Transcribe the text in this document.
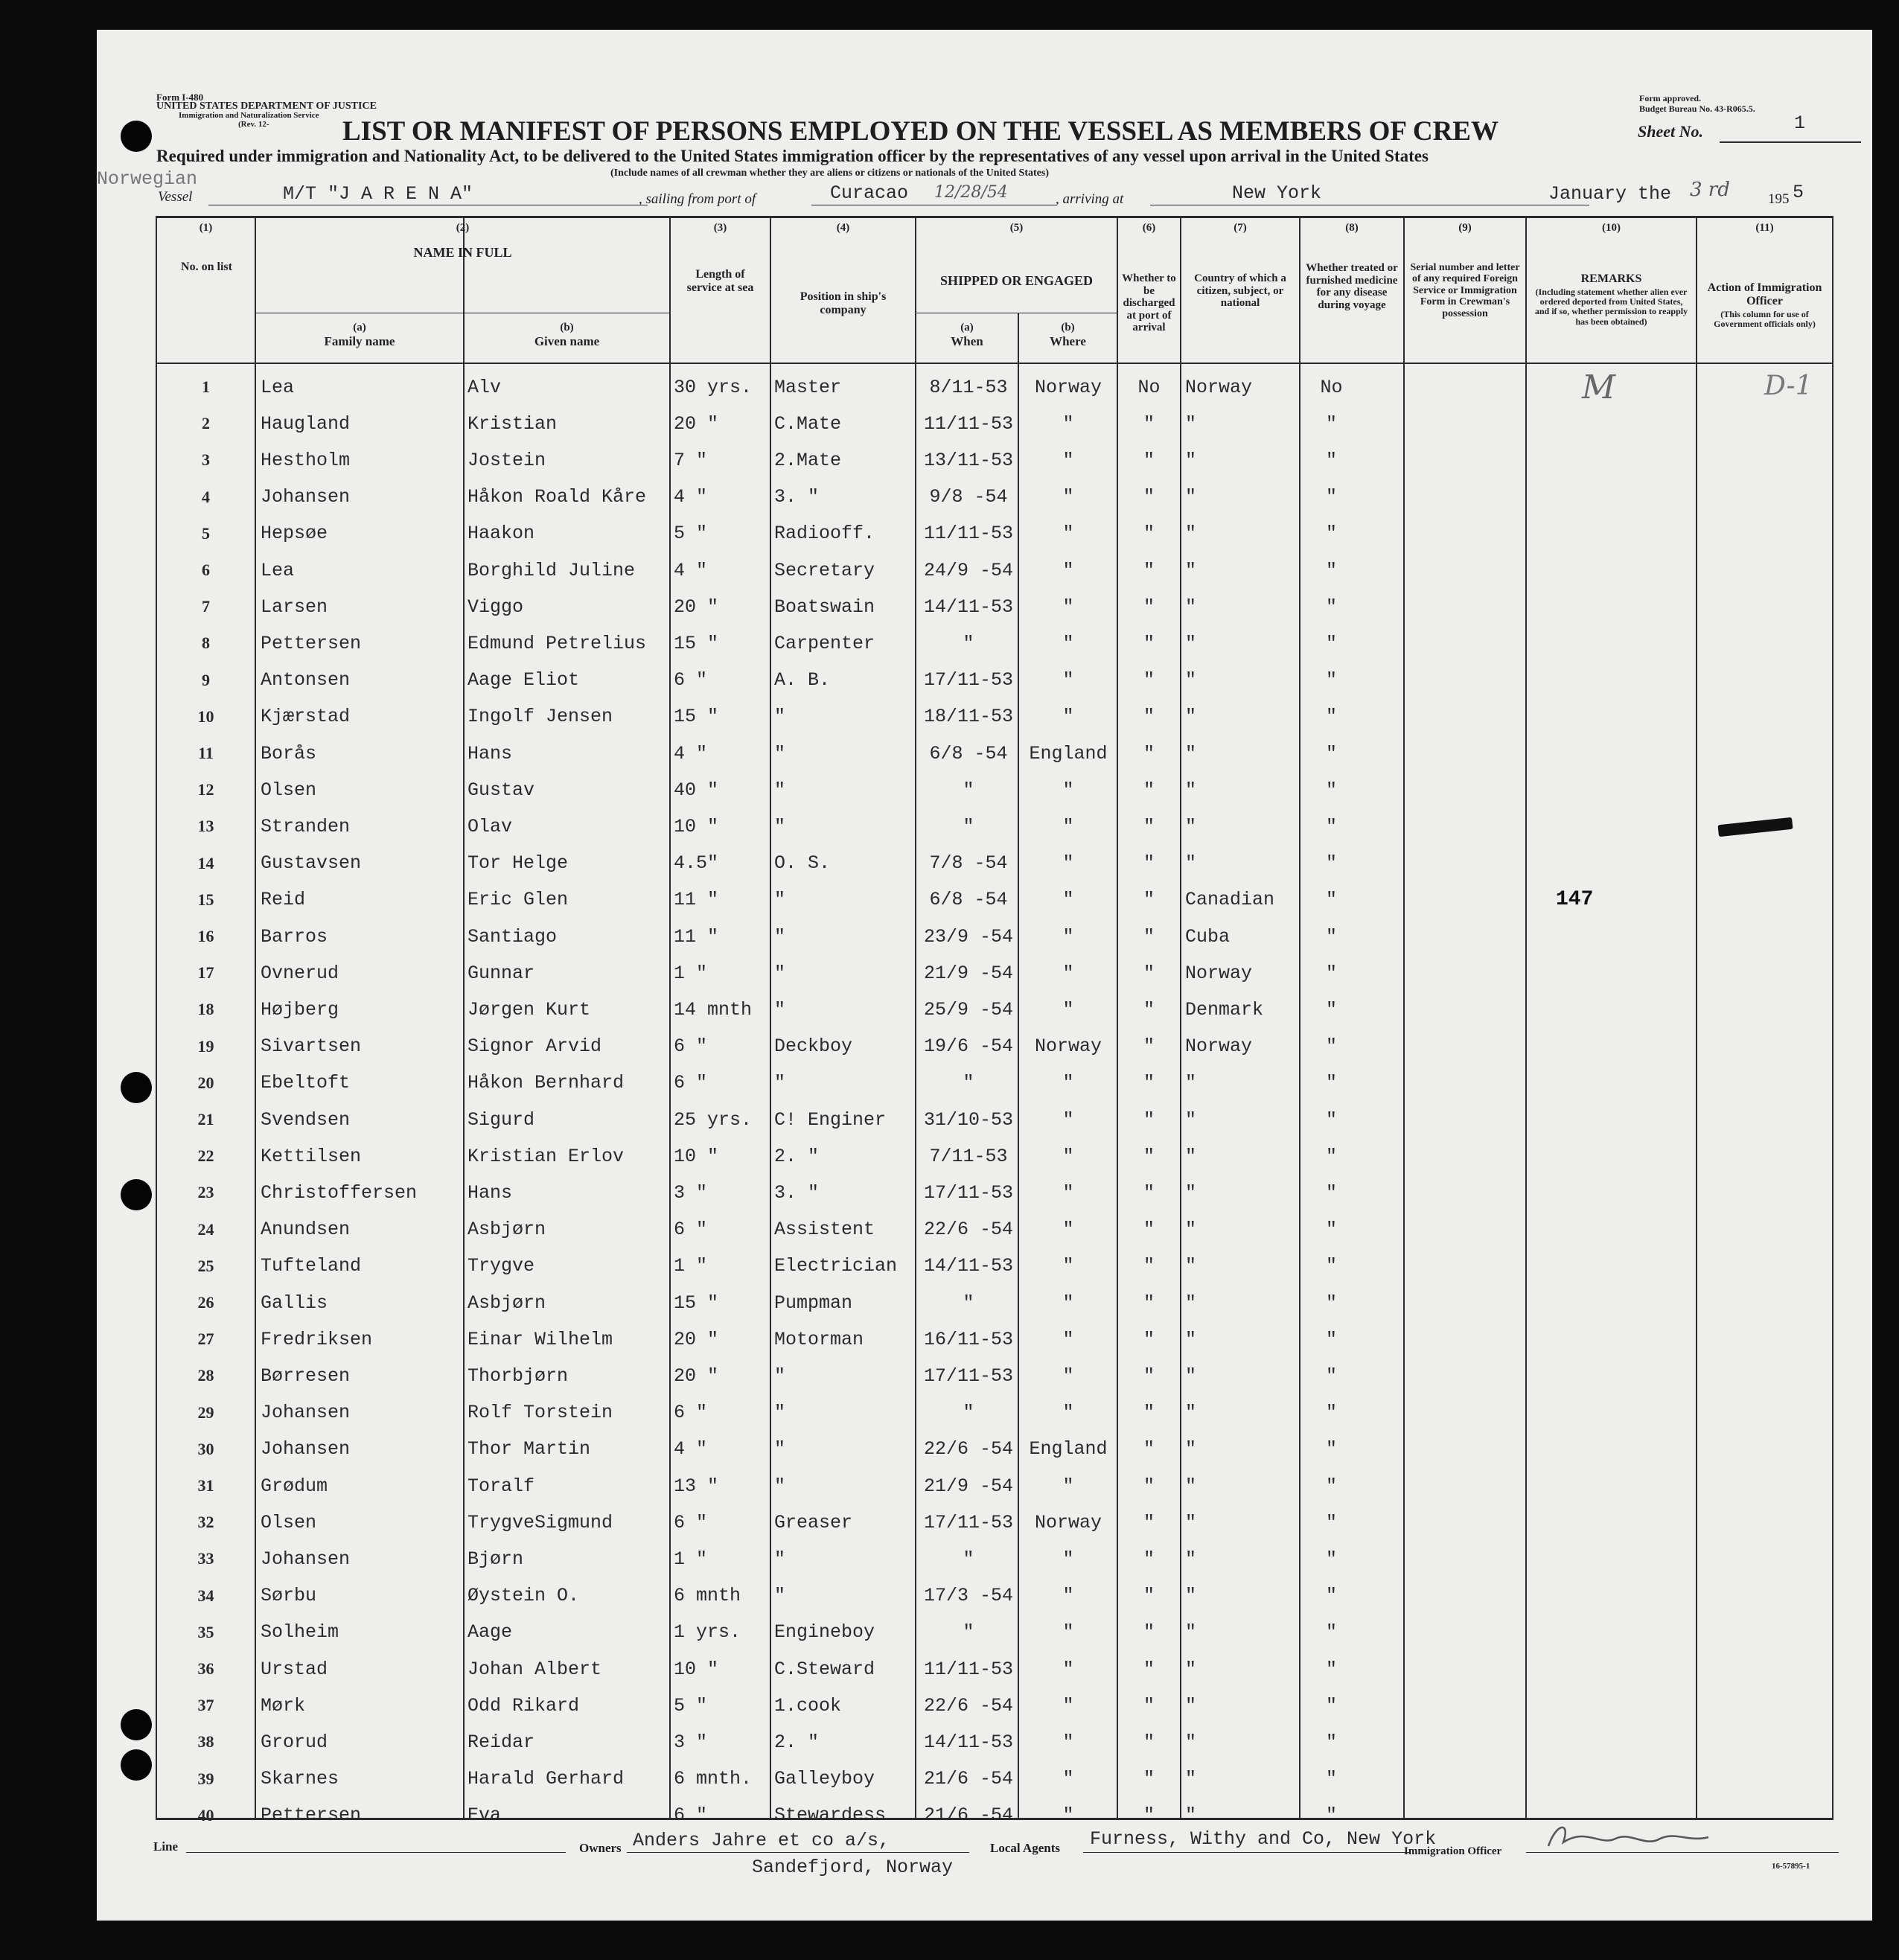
Form I-480
UNITED STATES DEPARTMENT OF JUSTICE
Immigration and Naturalization Service
(Rev. 12-
Form approved.
Budget Bureau No. 43-R065.5.
LIST OR MANIFEST OF PERSONS EMPLOYED ON THE VESSEL AS MEMBERS OF CREW	Sheet No.	1
Required under immigration and Nationality Act, to be delivered to the United States immigration officer by the representatives of any vessel upon arrival in the United States
(Include names of all crewman whether they are aliens or citizens or nationals of the United States)
Norwegian
Vessel	M/T "J A R E N A"	, sailing from port of	Curacao 12/28/54	, arriving at	New York	January the 3 rd	195 5
(1)
No. on list
(2)
NAME IN FULL
(a)
Family name
(b)
Given name
(3)
Length of service at sea
(4)
Position in ship's company
(5)
SHIPPED OR ENGAGED
(a)
When
(b)
Where
(6)
Whether to be discharged at port of arrival
(7)
Country of which a citizen, subject, or national
(8)
Whether treated or furnished medicine for any disease during voyage
(9)
Serial number and letter of any required Foreign Service or Immigration Form in Crewman's possession
(10)
REMARKS
(Including statement whether alien ever ordered deported from United States, and if so, whether permission to reapply has been obtained)
(11)
Action of Immigration Officer
(This column for use of Government officials only)
M	D-1
147
1	Lea	Alv	30 yrs.	Master	8/11-53	Norway	No	Norway	No
2	Haugland	Kristian	20 "	C.Mate	11/11-53	"	"	"	"
3	Hestholm	Jostein	7 "	2.Mate	13/11-53	"	"	"	"
4	Johansen	Håkon Roald Kåre	4 "	3. "	9/8 -54	"	"	"	"
5	Hepsøe	Haakon	5 "	Radiooff.	11/11-53	"	"	"	"
6	Lea	Borghild Juline	4 "	Secretary	24/9 -54	"	"	"	"
7	Larsen	Viggo	20 "	Boatswain	14/11-53	"	"	"	"
8	Pettersen	Edmund Petrelius	15 "	Carpenter	"	"	"	"	"
9	Antonsen	Aage Eliot	6 "	A. B.	17/11-53	"	"	"	"
10	Kjærstad	Ingolf Jensen	15 "	"	18/11-53	"	"	"	"
11	Borås	Hans	4 "	"	6/8 -54	England	"	"	"
12	Olsen	Gustav	40 "	"	"	"	"	"	"
13	Stranden	Olav	10 "	"	"	"	"	"	"
14	Gustavsen	Tor Helge	4.5"	O. S.	7/8 -54	"	"	"	"
15	Reid	Eric Glen	11 "	"	6/8 -54	"	"	Canadian	"
16	Barros	Santiago	11 "	"	23/9 -54	"	"	Cuba	"
17	Ovnerud	Gunnar	1 "	"	21/9 -54	"	"	Norway	"
18	Højberg	Jørgen Kurt	14 mnth	"	25/9 -54	"	"	Denmark	"
19	Sivartsen	Signor Arvid	6 "	Deckboy	19/6 -54	Norway	"	Norway	"
20	Ebeltoft	Håkon Bernhard	6 "	"	"	"	"	"	"
21	Svendsen	Sigurd	25 yrs.	C! Enginer	31/10-53	"	"	"	"
22	Kettilsen	Kristian Erlov	10 "	2. "	7/11-53	"	"	"	"
23	Christoffersen	Hans	3 "	3. "	17/11-53	"	"	"	"
24	Anundsen	Asbjørn	6 "	Assistent	22/6 -54	"	"	"	"
25	Tufteland	Trygve	1 "	Electrician	14/11-53	"	"	"	"
26	Gallis	Asbjørn	15 "	Pumpman	"	"	"	"	"
27	Fredriksen	Einar Wilhelm	20 "	Motorman	16/11-53	"	"	"	"
28	Børresen	Thorbjørn	20 "	"	17/11-53	"	"	"	"
29	Johansen	Rolf Torstein	6 "	"	"	"	"	"	"
30	Johansen	Thor Martin	4 "	"	22/6 -54 England	"	"	"
31	Grødum	Toralf	13 "	"	21/9 -54	"	"	"	"
32	Olsen	TrygveSigmund	6 "	Greaser	17/11-53	Norway	"	"	"
33	Johansen	Bjørn	1 "	"	"	"	"	"	"
34	Sørbu	Øystein O.	6 mnth	"	17/3 -54	"	"	"	"
35	Solheim	Aage	1 yrs.	Engineboy	"	"	"	"	"
36	Urstad	Johan Albert	10 "	C.Steward	11/11-53	"	"	"	"
37	Mørk	Odd Rikard	5 "	1.cook	22/6 -54	"	"	"	"
38	Grorud	Reidar	3 "	2. "	14/11-53	"	"	"	"
39	Skarnes	Harald Gerhard	6 mnth.	Galleyboy	21/6 -54	"	"	"	"
40	Pettersen	Eva	6 "	Stewardess	21/6 -54	"	"	"	"
Line	Owners Anders Jahre et co a/s,
Sandefjord, Norway
Local Agents Furness, Withy and Co, New York
Immigration Officer
16-57895-1
